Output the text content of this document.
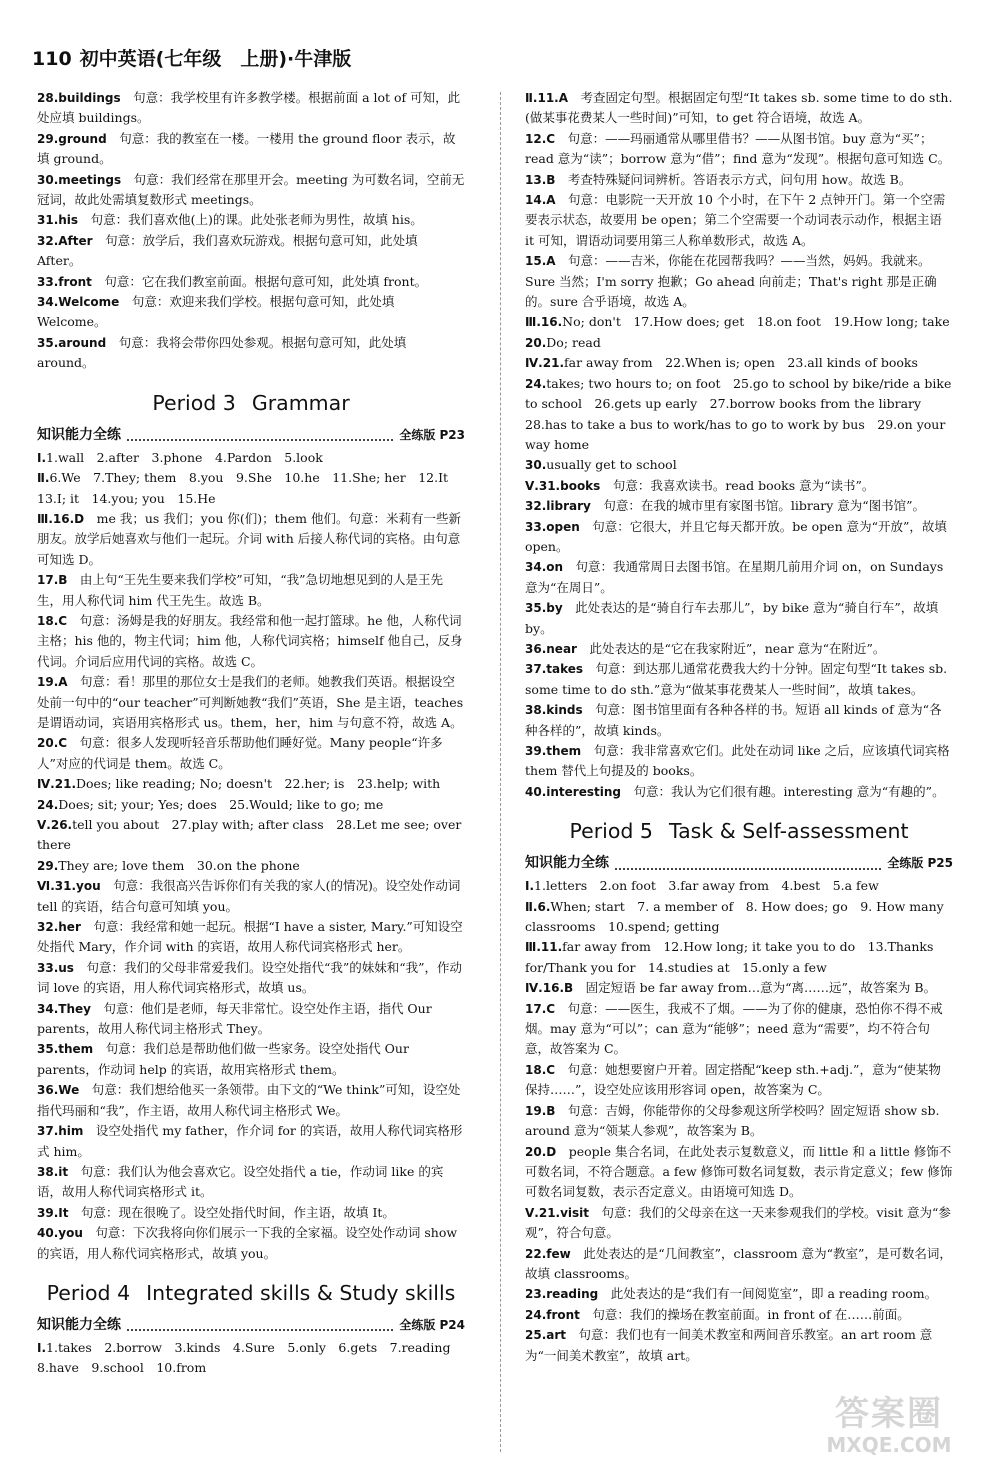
110 初中英语(七年级　上册)·牛津版
28.buildings　句意：我学校里有许多教学楼。根据前面 a lot of 可知，此处应填 buildings。
29.ground　句意：我的教室在一楼。一楼用 the ground floor 表示，故填 ground。
30.meetings　句意：我们经常在那里开会。meeting 为可数名词，空前无冠词，故此处需填复数形式 meetings。
31.his　句意：我们喜欢他(上)的课。此处张老师为男性，故填 his。
32.After　句意：放学后，我们喜欢玩游戏。根据句意可知，此处填 After。
33.front　句意：它在我们教室前面。根据句意可知，此处填 front。
34.Welcome　句意：欢迎来我们学校。根据句意可知，此处填 Welcome。
35.around　句意：我将会带你四处参观。根据句意可知，此处填 around。
Period 3 Grammar
知识能力全练	全练版 P23
Ⅰ.1.wall　2.after　3.phone　4.Pardon　5.look
Ⅱ.6.We　7.They; them　8.you　9.She　10.he　11.She; her　12.It
13.I; it　14.you; you　15.He
Ⅲ.16.D　me 我；us 我们；you 你(们)；them 他们。句意：米莉有一些新朋友。放学后她喜欢与他们一起玩。介词 with 后接人称代词的宾格。由句意可知选 D。
17.B　由上句“王先生要来我们学校”可知，“我”急切地想见到的人是王先生，用人称代词 him 代王先生。故选 B。
18.C　句意：汤姆是我的好朋友。我经常和他一起打篮球。he 他，人称代词主格；his 他的，物主代词；him 他，人称代词宾格；himself 他自己，反身代词。介词后应用代词的宾格。故选 C。
19.A　句意：看！那里的那位女士是我们的老师。她教我们英语。根据设空处前一句中的“our teacher”可判断她教“我们”英语，She 是主语，teaches 是谓语动词，宾语用宾格形式 us。them，her，him 与句意不符，故选 A。
20.C　句意：很多人发现听轻音乐帮助他们睡好觉。Many people“许多人”对应的代词是 them。故选 C。
Ⅳ.21.Does; like reading; No; doesn't　22.her; is　23.help; with
24.Does; sit; your; Yes; does　25.Would; like to go; me
Ⅴ.26.tell you about　27.play with; after class　28.Let me see; over there
29.They are; love them　30.on the phone
Ⅵ.31.you　句意：我很高兴告诉你们有关我的家人(的情况)。设空处作动词 tell 的宾语，结合句意可知填 you。
32.her　句意：我经常和她一起玩。根据“I have a sister, Mary.”可知设空处指代 Mary，作介词 with 的宾语，故用人称代词宾格形式 her。
33.us　句意：我们的父母非常爱我们。设空处指代“我”的妹妹和“我”，作动词 love 的宾语，用人称代词宾格形式，故填 us。
34.They　句意：他们是老师，每天非常忙。设空处作主语，指代 Our parents，故用人称代词主格形式 They。
35.them　句意：我们总是帮助他们做一些家务。设空处指代 Our parents，作动词 help 的宾语，故用宾格形式 them。
36.We　句意：我们想给他买一条领带。由下文的“We think”可知，设空处指代玛丽和“我”，作主语，故用人称代词主格形式 We。
37.him　设空处指代 my father，作介词 for 的宾语，故用人称代词宾格形式 him。
38.it　句意：我们认为他会喜欢它。设空处指代 a tie，作动词 like 的宾语，故用人称代词宾格形式 it。
39.It　句意：现在很晚了。设空处指代时间，作主语，故填 It。
40.you　句意：下次我将向你们展示一下我的全家福。设空处作动词 show 的宾语，用人称代词宾格形式，故填 you。
Period 4 Integrated skills & Study skills
知识能力全练	全练版 P24
Ⅰ.1.takes　2.borrow　3.kinds　4.Sure　5.only　6.gets　7.reading
8.have　9.school　10.from
Ⅱ.11.A　考查固定句型。根据固定句型“It takes sb. some time to do sth.(做某事花费某人一些时间)”可知，to get 符合语境，故选 A。
12.C　句意：——玛丽通常从哪里借书？——从图书馆。buy 意为“买”；read 意为“读”；borrow 意为“借”；find 意为“发现”。根据句意可知选 C。
13.B　考查特殊疑问词辨析。答语表示方式，问句用 how。故选 B。
14.A　句意：电影院一天开放 10 个小时，在下午 2 点钟开门。第一个空需要表示状态，故要用 be open；第二个空需要一个动词表示动作，根据主语 it 可知，谓语动词要用第三人称单数形式，故选 A。
15.A　句意：——吉米，你能在花园帮我吗？——当然，妈妈。我就来。Sure 当然；I'm sorry 抱歉；Go ahead 向前走；That's right 那是正确的。sure 合乎语境，故选 A。
Ⅲ.16.No; don't　17.How does; get　18.on foot　19.How long; take
20.Do; read
Ⅳ.21.far away from　22.When is; open　23.all kinds of books
24.takes; two hours to; on foot　25.go to school by bike/ride a bike to school　26.gets up early　27.borrow books from the library　28.has to take a bus to work/has to go to work by bus　29.on your way home
30.usually get to school
Ⅴ.31.books　句意：我喜欢读书。read books 意为“读书”。
32.library　句意：在我的城市里有家图书馆。library 意为“图书馆”。
33.open　句意：它很大，并且它每天都开放。be open 意为“开放”，故填 open。
34.on　句意：我通常周日去图书馆。在星期几前用介词 on，on Sundays 意为“在周日”。
35.by　此处表达的是“骑自行车去那儿”，by bike 意为“骑自行车”，故填 by。
36.near　此处表达的是“它在我家附近”，near 意为“在附近”。
37.takes　句意：到达那儿通常花费我大约十分钟。固定句型“It takes sb. some time to do sth.”意为“做某事花费某人一些时间”，故填 takes。
38.kinds　句意：图书馆里面有各种各样的书。短语 all kinds of 意为“各种各样的”，故填 kinds。
39.them　句意：我非常喜欢它们。此处在动词 like 之后，应该填代词宾格 them 替代上句提及的 books。
40.interesting　句意：我认为它们很有趣。interesting 意为“有趣的”。
Period 5 Task & Self-assessment
知识能力全练	全练版 P25
Ⅰ.1.letters　2.on foot　3.far away from　4.best　5.a few
Ⅱ.6.When; start　7. a member of　8. How does; go　9. How many classrooms　10.spend; getting
Ⅲ.11.far away from　12.How long; it take you to do　13.Thanks for/Thank you for　14.studies at　15.only a few
Ⅳ.16.B　固定短语 be far away from…意为“离……远”，故答案为 B。
17.C　句意：——医生，我戒不了烟。——为了你的健康，恐怕你不得不戒烟。may 意为“可以”；can 意为“能够”；need 意为“需要”，均不符合句意，故答案为 C。
18.C　句意：她想要窗户开着。固定搭配“keep sth.+adj.”，意为“使某物保持……”，设空处应该用形容词 open，故答案为 C。
19.B　句意：吉姆，你能带你的父母参观这所学校吗？固定短语 show sb. around 意为“领某人参观”，故答案为 B。
20.D　people 集合名词，在此处表示复数意义，而 little 和 a little 修饰不可数名词，不符合题意。a few 修饰可数名词复数，表示肯定意义；few 修饰可数名词复数，表示否定意义。由语境可知选 D。
Ⅴ.21.visit　句意：我们的父母亲在这一天来参观我们的学校。visit 意为“参观”，符合句意。
22.few　此处表达的是“几间教室”，classroom 意为“教室”，是可数名词，故填 classrooms。
23.reading　此处表达的是“我们有一间阅览室”，即 a reading room。
24.front　句意：我们的操场在教室前面。in front of 在……前面。
25.art　句意：我们也有一间美术教室和两间音乐教室。an art room 意为“一间美术教室”，故填 art。
答案圈
MXQE.COM
